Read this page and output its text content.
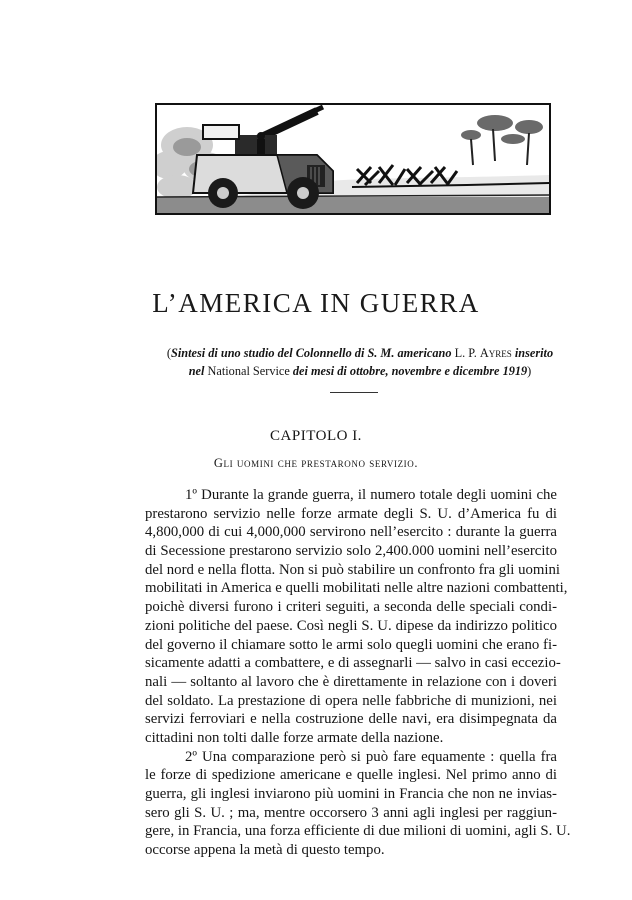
L’AMERICA IN GUERRA
(Sintesi di uno studio del Colonnello di S. M. americano L. P. Ayres inserito
nel National Service dei mesi di ottobre, novembre e dicembre 1919)
CAPITOLO I.
Gli uomini che prestarono servizio.
1º Durante la grande guerra, il numero totale degli uomini che
prestarono servizio nelle forze armate degli S. U. d’America fu di
4,800,000 di cui 4,000,000 servirono nell’esercito : durante la guerra
di Secessione prestarono servizio solo 2,400.000 uomini nell’esercito
del nord e nella flotta. Non si può stabilire un confronto fra gli uomini
mobilitati in America e quelli mobilitati nelle altre nazioni combattenti,
poichè diversi furono i criteri seguiti, a seconda delle speciali condi-
zioni politiche del paese. Così negli S. U. dipese da indirizzo politico
del governo il chiamare sotto le armi solo quegli uomini che erano fi-
sicamente adatti a combattere, e di assegnarli — salvo in casi eccezio-
nali — soltanto al lavoro che è direttamente in relazione con i doveri
del soldato. La prestazione di opera nelle fabbriche di munizioni, nei
servizi ferroviari e nella costruzione delle navi, era disimpegnata da
cittadini non tolti dalle forze armate della nazione.
2º Una comparazione però si può fare equamente : quella fra
le forze di spedizione americane e quelle inglesi. Nel primo anno di
guerra, gli inglesi inviarono più uomini in Francia che non ne invias-
sero gli S. U. ; ma, mentre occorsero 3 anni agli inglesi per raggiun-
gere, in Francia, una forza efficiente di due milioni di uomini, agli S. U.
occorse appena la metà di questo tempo.
